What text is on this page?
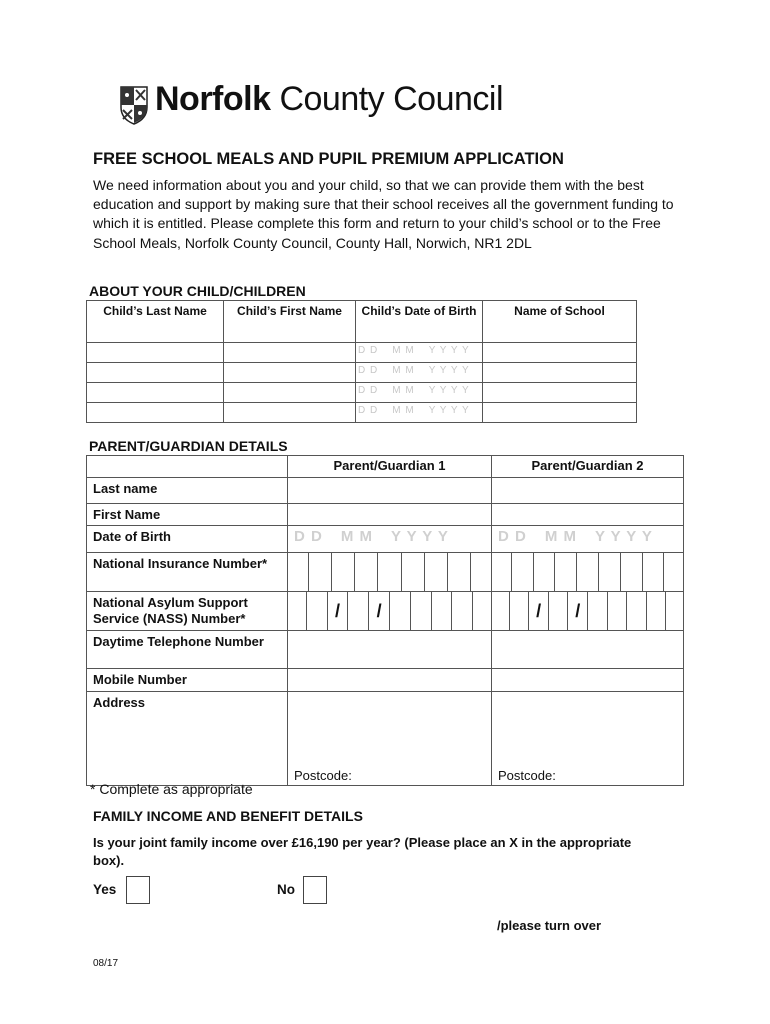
Norfolk County Council
FREE SCHOOL MEALS AND PUPIL PREMIUM APPLICATION
We need information about you and your child, so that we can provide them with the best education and support by making sure that their school receives all the government funding to which it is entitled. Please complete this form and return to your child’s school or to the Free School Meals, Norfolk County Council, County Hall, Norwich, NR1 2DL
ABOUT YOUR CHILD/CHILDREN
Child’s Last Name	Child’s First Name	Child’s Date of Birth	Name of School

		D D M M Y Y Y Y	

		D D M M Y Y Y Y	

		D D M M Y Y Y Y	

		D D M M Y Y Y Y	

PARENT/GUARDIAN DETAILS
	Parent/Guardian 1	Parent/Guardian 2
Last name		
First Name		
Date of Birth	D D M M Y Y Y Y	D D M M Y Y Y Y

National Insurance Number*	

National Asylum Support Service (NASS) Number*	/ /	/ /

Daytime Telephone Number		
Mobile Number		
Address	Postcode:	Postcode:
* Complete as appropriate
FAMILY INCOME AND BENEFIT DETAILS
Is your joint family income over £16,190 per year? (Please place an X in the appropriate box).
Yes	No
/please turn over
08/17
